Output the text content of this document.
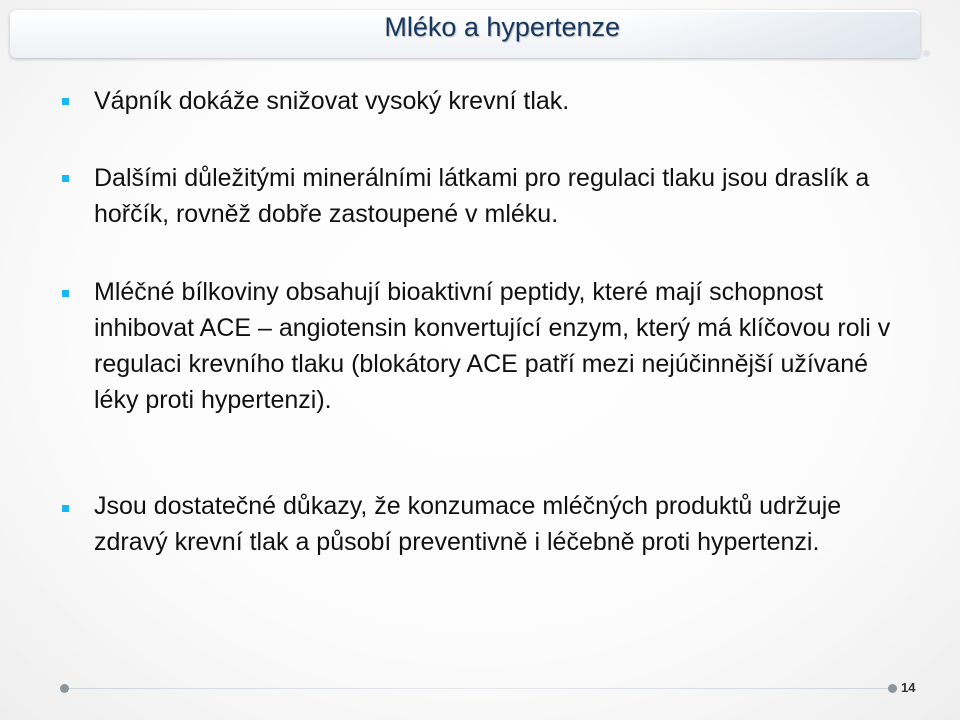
Mléko a hypertenze
Vápník dokáže snižovat vysoký krevní tlak.
Dalšími důležitými minerálními látkami pro regulaci tlaku jsou draslík a hořčík, rovněž dobře zastoupené v mléku.
Mléčné bílkoviny obsahují bioaktivní peptidy, které mají schopnost inhibovat ACE – angiotensin konvertující enzym, který má klíčovou roli v regulaci krevního tlaku (blokátory ACE patří mezi nejúčinnější užívané léky proti hypertenzi).
Jsou dostatečné důkazy, že konzumace mléčných produktů udržuje zdravý krevní tlak a působí preventivně i léčebně proti hypertenzi.
14
